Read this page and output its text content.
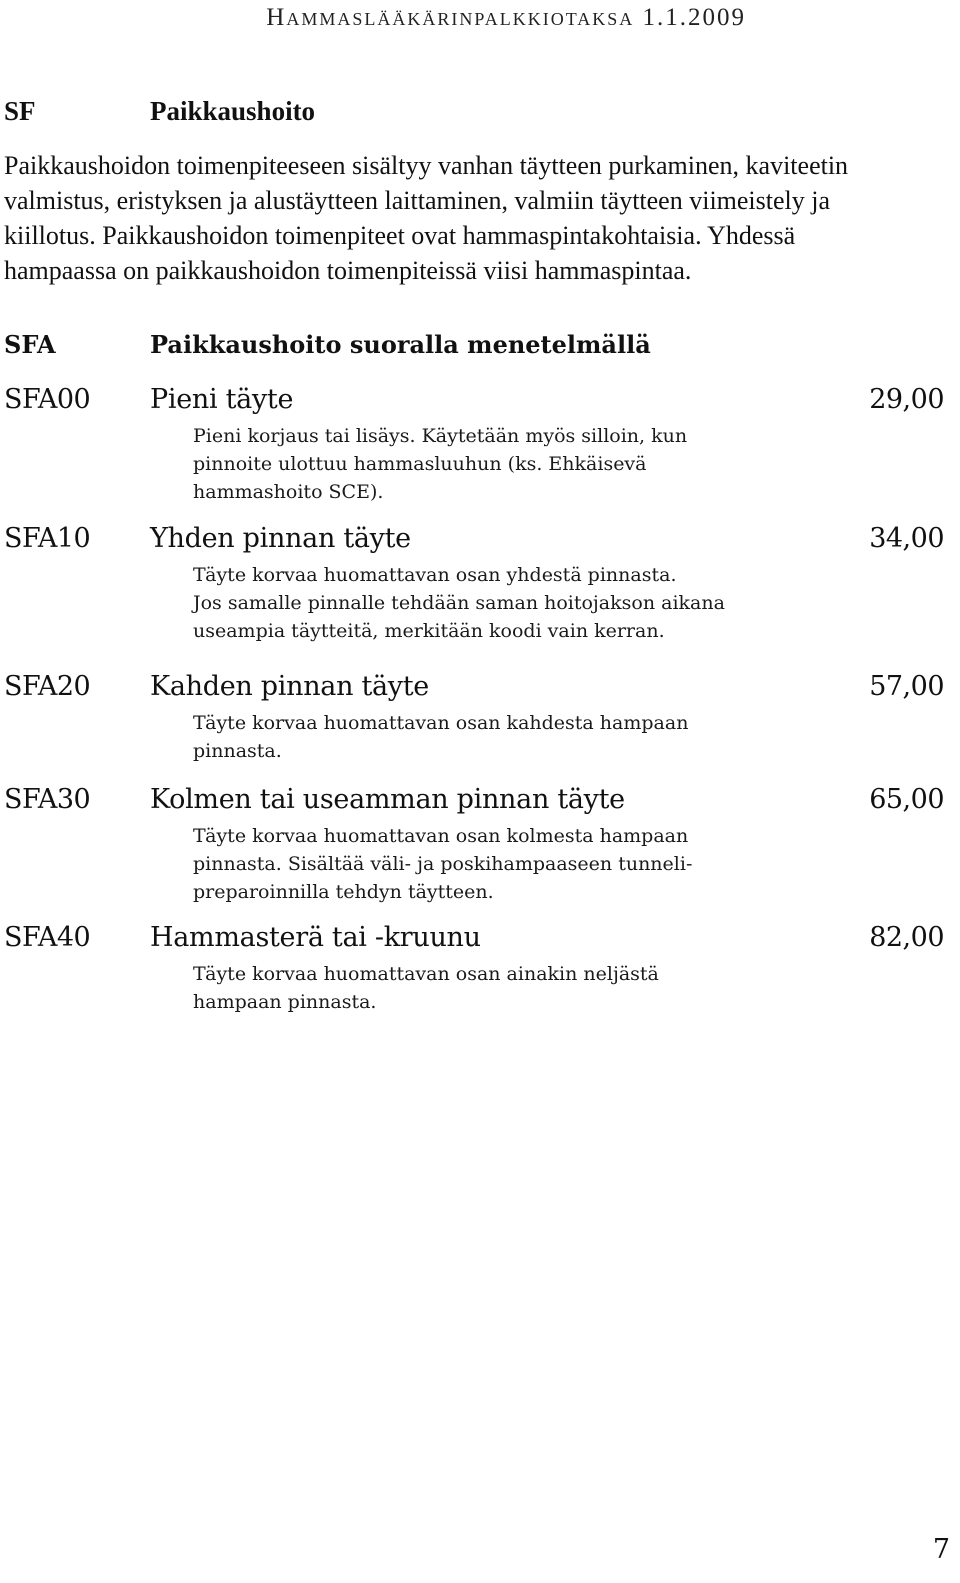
Hammaslääkärinpalkkiotaksa 1.1.2009
SF	Paikkaushoito
Paikkaushoidon toimenpiteeseen sisältyy vanhan täytteen purkaminen, kaviteetin valmistus, eristyksen ja alustäytteen laittaminen, valmiin täytteen viimeistely ja kiillotus. Paikkaushoidon toimenpiteet ovat hammaspintakohtaisia. Yhdessä hampaassa on paikkaushoidon toimenpiteissä viisi hammaspintaa.
SFA	Paikkaushoito suoralla menetelmällä
SFA00 Pieni täyte	29,00

Pieni korjaus tai lisäys. Käytetään myös silloin, kun pinnoite ulottuu hammasluuhun (ks. Ehkäisevä hammashoito SCE).

SFA10 Yhden pinnan täyte	34,00

Täyte korvaa huomattavan osan yhdestä pinnasta.

Jos samalle pinnalle tehdään saman hoitojakson aikana useampia täytteitä, merkitään koodi vain kerran.

SFA20 Kahden pinnan täyte	57,00

Täyte korvaa huomattavan osan kahdesta hampaan pinnasta.

SFA30 Kolmen tai useamman pinnan täyte	65,00

Täyte korvaa huomattavan osan kolmesta hampaan pinnasta. Sisältää väli- ja poskihampaaseen tunneli-preparoinnilla tehdyn täytteen.

SFA40 Hammasterä tai -kruunu	82,00

Täyte korvaa huomattavan osan ainakin neljästä hampaan pinnasta.

7
